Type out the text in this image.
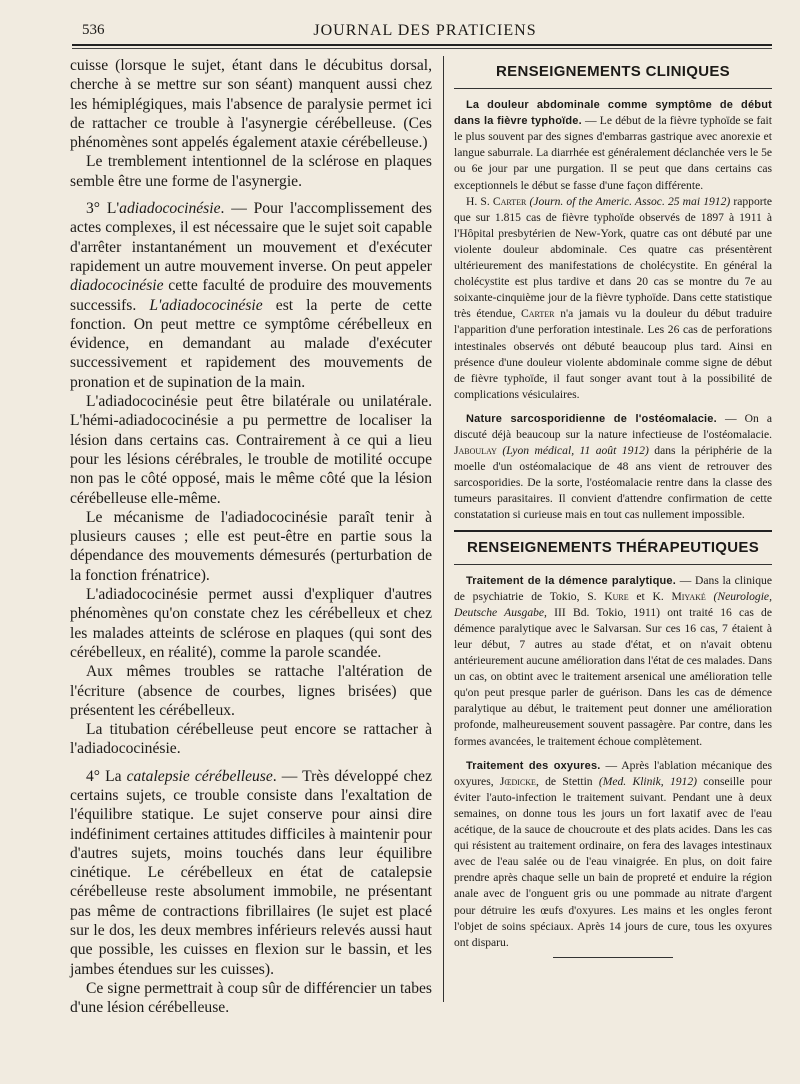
536	JOURNAL DES PRATICIENS

cuisse (lorsque le sujet, étant dans le décubitus dorsal, cherche à se mettre sur son séant) manquent aussi chez les hémiplégiques, mais l'absence de paralysie permet ici de rattacher ce trouble à l'asynergie cérébelleuse. (Ces phénomènes sont appelés également ataxie cérébelleuse.)

Le tremblement intentionnel de la sclérose en plaques semble être une forme de l'asynergie.

3° L'adiadococinésie. — Pour l'accomplissement des actes complexes, il est nécessaire que le sujet soit capable d'arrêter instantanément un mouvement et d'exécuter rapidement un autre mouvement inverse. On peut appeler diadococinésie cette faculté de produire des mouvements successifs. L'adiadococinésie est la perte de cette fonction. On peut mettre ce symptôme cérébelleux en évidence, en demandant au malade d'exécuter successivement et rapidement des mouvements de pronation et de supination de la main.

L'adiadococinésie peut être bilatérale ou unilatérale. L'hémi-adiadococinésie a pu permettre de localiser la lésion dans certains cas. Contrairement à ce qui a lieu pour les lésions cérébrales, le trouble de motilité occupe non pas le côté opposé, mais le même côté que la lésion cérébelleuse elle-même.

Le mécanisme de l'adiadococinésie paraît tenir à plusieurs causes ; elle est peut-être en partie sous la dépendance des mouvements démesurés (perturbation de la fonction frénatrice).

L'adiadococinésie permet aussi d'expliquer d'autres phénomènes qu'on constate chez les cérébelleux et chez les malades atteints de sclérose en plaques (qui sont des cérébelleux, en réalité), comme la parole scandée.

Aux mêmes troubles se rattache l'altération de l'écriture (absence de courbes, lignes brisées) que présentent les cérébelleux.

La titubation cérébelleuse peut encore se rattacher à l'adiadococinésie.

4° La catalepsie cérébelleuse. — Très développé chez certains sujets, ce trouble consiste dans l'exaltation de l'équilibre statique. Le sujet conserve pour ainsi dire indéfiniment certaines attitudes difficiles à maintenir pour d'autres sujets, moins touchés dans leur équilibre cinétique. Le cérébelleux en état de catalepsie cérébelleuse reste absolument immobile, ne présentant pas même de contractions fibrillaires (le sujet est placé sur le dos, les deux membres inférieurs relevés aussi haut que possible, les cuisses en flexion sur le bassin, et les jambes étendues sur les cuisses).

Ce signe permettrait à coup sûr de différencier un tabes d'une lésion cérébelleuse.

RENSEIGNEMENTS CLINIQUES

La douleur abdominale comme symptôme de début dans la fièvre typhoïde. — Le début de la fièvre typhoïde se fait le plus souvent par des signes d'embarras gastrique avec anorexie et langue saburrale. La diarrhée est généralement déclanchée vers le 5e ou 6e jour par une purgation. Il se peut que dans certains cas exceptionnels le début se fasse d'une façon différente.

H. S. Carter (Journ. of the Americ. Assoc. 25 mai 1912) rapporte que sur 1.815 cas de fièvre typhoïde observés de 1897 à 1911 à l'Hôpital presbytérien de New-York, quatre cas ont débuté par une violente douleur abdominale. Ces quatre cas présentèrent ultérieurement des manifestations de cholécystite. En général la cholécystite est plus tardive et dans 20 cas se montre du 7e au soixante-cinquième jour de la fièvre typhoïde. Dans cette statistique très étendue, Carter n'a jamais vu la douleur du début traduire l'apparition d'une perforation intestinale. Les 26 cas de perforations intestinales observés ont débuté beaucoup plus tard. Ainsi en présence d'une douleur violente abdominale comme signe de début de fièvre typhoïde, il faut songer avant tout à la possibilité de complications vésiculaires.

Nature sarcosporidienne de l'ostéomalacie. — On a discuté déjà beaucoup sur la nature infectieuse de l'ostéomalacie. Jaboulay (Lyon médical, 11 août 1912) dans la périphérie de la moelle d'un ostéomalacique de 48 ans vient de retrouver des sarcosporidies. De la sorte, l'ostéomalacie rentre dans la classe des tumeurs parasitaires. Il convient d'attendre confirmation de cette constatation si curieuse mais en tout cas nullement impossible.

RENSEIGNEMENTS THÉRAPEUTIQUES

Traitement de la démence paralytique. — Dans la clinique de psychiatrie de Tokio, S. Kure et K. Miyaké (Neurologie, Deutsche Ausgabe, III Bd. Tokio, 1911) ont traité 16 cas de démence paralytique avec le Salvarsan. Sur ces 16 cas, 7 étaient à leur début, 7 autres au stade d'état, et on n'avait obtenu antérieurement aucune amélioration dans l'état de ces malades. Dans un cas, on obtint avec le traitement arsenical une amélioration telle qu'on peut presque parler de guérison. Dans les cas de démence paralytique au début, le traitement peut donner une amélioration profonde, malheureusement souvent passagère. Par contre, dans les formes avancées, le traitement échoue complètement.

Traitement des oxyures. — Après l'ablation mécanique des oxyures, Jœdicke, de Stettin (Med. Klinik, 1912) conseille pour éviter l'auto-infection le traitement suivant. Pendant une à deux semaines, on donne tous les jours un fort laxatif avec de l'eau acétique, de la sauce de choucroute et des plats acides. Dans les cas qui résistent au traitement ordinaire, on fera des lavages intestinaux avec de l'eau salée ou de l'eau vinaigrée. En plus, on doit faire prendre après chaque selle un bain de propreté et enduire la région anale avec de l'onguent gris ou une pommade au nitrate d'argent pour détruire les œufs d'oxyures. Les mains et les ongles feront l'objet de soins spéciaux. Après 14 jours de cure, tous les oxyures ont disparu.
